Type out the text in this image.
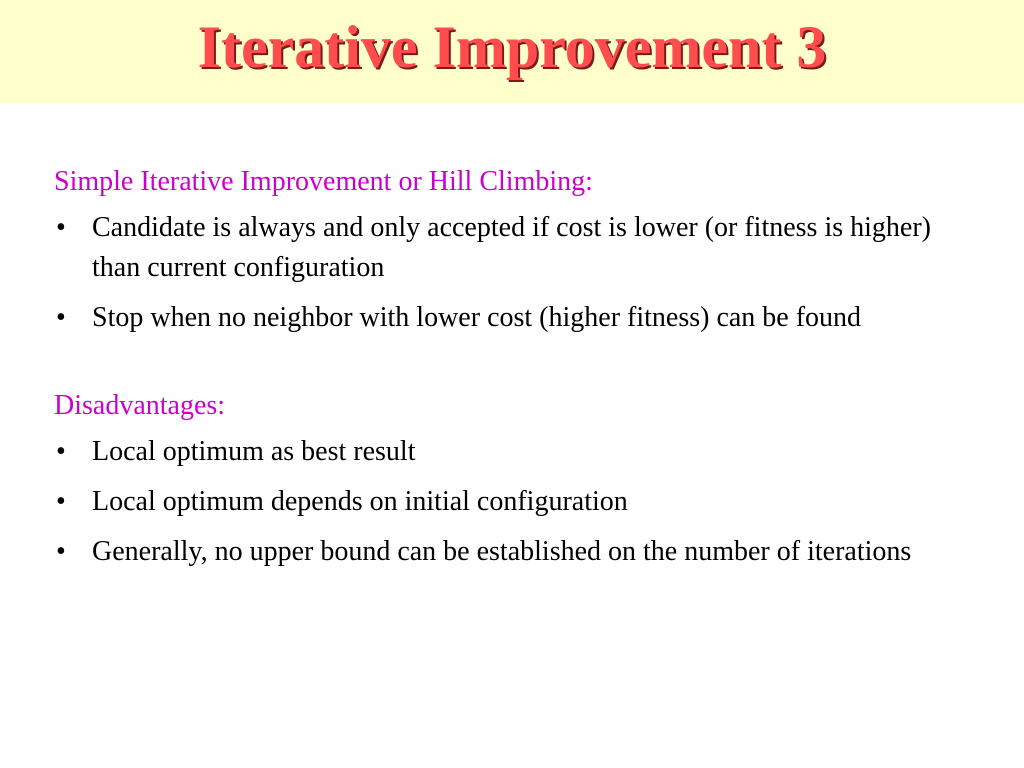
Iterative Improvement 3
Simple Iterative Improvement or Hill Climbing:
• Candidate is always and only accepted if cost is lower (or fitness is higher) than current configuration
• Stop when no neighbor with lower cost (higher fitness) can be found
Disadvantages:
• Local optimum as best result
• Local optimum depends on initial configuration
• Generally, no upper bound can be established on the number of iterations
